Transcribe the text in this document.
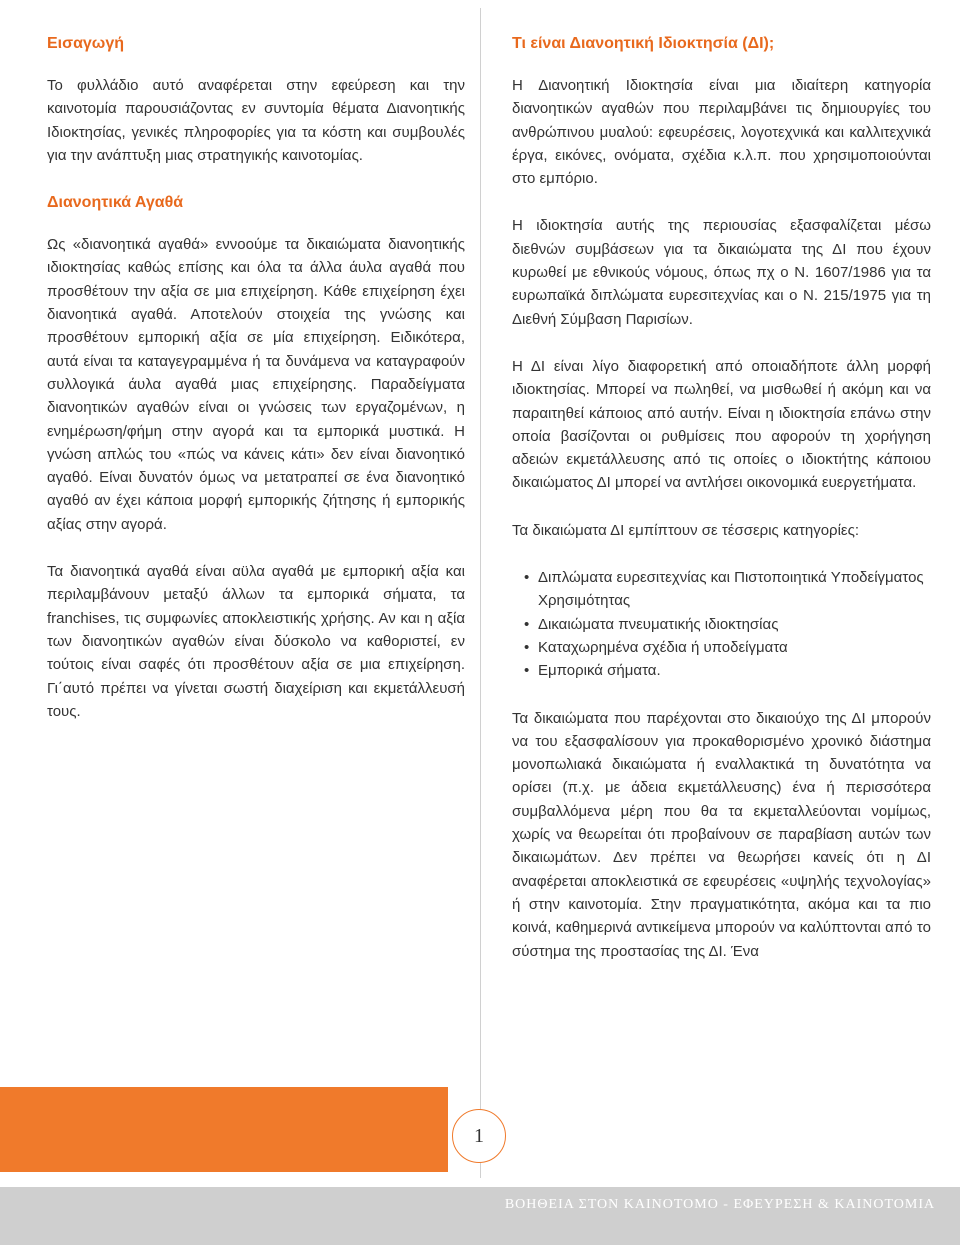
Εισαγωγή

Το φυλλάδιο αυτό αναφέρεται στην εφεύρεση και την καινοτομία παρουσιάζοντας εν συντομία θέματα Διανοητικής Ιδιοκτησίας, γενικές πληροφορίες για τα κόστη και συμβουλές για την ανάπτυξη μιας στρατηγικής καινοτομίας.

Διανοητικά Αγαθά

Ως «διανοητικά αγαθά» εννοούμε τα δικαιώματα διανοητικής ιδιοκτησίας καθώς επίσης και όλα τα άλλα άυλα αγαθά που προσθέτουν την αξία σε μια επιχείρηση. Κάθε επιχείρηση έχει διανοητικά αγαθά. Αποτελούν στοιχεία της γνώσης και προσθέτουν εμπορική αξία σε μία επιχείρηση. Ειδικότερα, αυτά είναι τα καταγεγραμμένα ή τα δυνάμενα να καταγραφούν συλλογικά άυλα αγαθά μιας επιχείρησης. Παραδείγματα διανοητικών αγαθών είναι οι γνώσεις των εργαζομένων, η ενημέρωση/φήμη στην αγορά και τα εμπορικά μυστικά. Η γνώση απλώς του «πώς να κάνεις κάτι» δεν είναι διανοητικό αγαθό. Είναι δυνατόν όμως να μετατραπεί σε ένα διανοητικό αγαθό αν έχει κάποια μορφή εμπορικής ζήτησης ή εμπορικής αξίας στην αγορά.

Τα διανοητικά αγαθά είναι αϋλα αγαθά με εμπορική αξία και περιλαμβάνουν μεταξύ άλλων τα εμπορικά σήματα, τα franchises, τις συμφωνίες αποκλειστικής χρήσης. Αν και η αξία των διανοητικών αγαθών είναι δύσκολο να καθοριστεί, εν τούτοις είναι σαφές ότι προσθέτουν αξία σε μια επιχείρηση. Γι΄αυτό πρέπει να γίνεται σωστή διαχείριση και εκμετάλλευσή τους.

Τι είναι Διανοητική Ιδιοκτησία (ΔΙ);

Η Διανοητική Ιδιοκτησία είναι μια ιδιαίτερη κατηγορία διανοητικών αγαθών που περιλαμβάνει τις δημιουργίες του ανθρώπινου μυαλού: εφευρέσεις, λογοτεχνικά και καλλιτεχνικά έργα, εικόνες, ονόματα, σχέδια κ.λ.π. που χρησιμοποιούνται στο εμπόριο.

Η ιδιοκτησία αυτής της περιουσίας εξασφαλίζεται μέσω διεθνών συμβάσεων για τα δικαιώματα της ΔΙ που έχουν κυρωθεί με εθνικούς νόμους, όπως πχ ο Ν. 1607/1986 για τα ευρωπαϊκά διπλώματα ευρεσιτεχνίας και ο Ν. 215/1975 για τη Διεθνή Σύμβαση Παρισίων.

Η ΔΙ είναι λίγο διαφορετική από οποιαδήποτε άλλη μορφή ιδιοκτησίας. Μπορεί να πωληθεί, να μισθωθεί ή ακόμη και να παραιτηθεί κάποιος από αυτήν. Είναι η ιδιοκτησία επάνω στην οποία βασίζονται οι ρυθμίσεις που αφορούν τη χορήγηση αδειών εκμετάλλευσης από τις οποίες ο ιδιοκτήτης κάποιου δικαιώματος ΔΙ μπορεί να αντλήσει οικονομικά ευεργετήματα.

Τα δικαιώματα ΔΙ εμπίπτουν σε τέσσερις κατηγορίες:

• Διπλώματα ευρεσιτεχνίας και Πιστοποιητικά Υποδείγματος Χρησιμότητας
• Δικαιώματα πνευματικής ιδιοκτησίας
• Καταχωρημένα σχέδια ή υποδείγματα
• Εμπορικά σήματα.

Τα δικαιώματα που παρέχονται στο δικαιούχο της ΔΙ μπορούν να του εξασφαλίσουν για προκαθορισμένο χρονικό διάστημα μονοπωλιακά δικαιώματα ή εναλλακτικά τη δυνατότητα να ορίσει (π.χ. με άδεια εκμετάλλευσης) ένα ή περισσότερα συμβαλλόμενα μέρη που θα τα εκμεταλλεύονται νομίμως, χωρίς να θεωρείται ότι προβαίνουν σε παραβίαση αυτών των δικαιωμάτων. Δεν πρέπει να θεωρήσει κανείς ότι η ΔΙ αναφέρεται αποκλειστικά σε εφευρέσεις «υψηλής τεχνολογίας» ή στην καινοτομία. Στην πραγματικότητα, ακόμα και τα πιο κοινά, καθημερινά αντικείμενα μπορούν να καλύπτονται από το σύστημα της προστασίας της ΔΙ. Ένα

1
ΒΟΗΘΕΙΑ ΣΤΟΝ ΚΑΙΝΟΤΟΜΟ - ΕΦΕΥΡΕΣΗ & ΚΑΙΝΟΤΟΜΙΑ
